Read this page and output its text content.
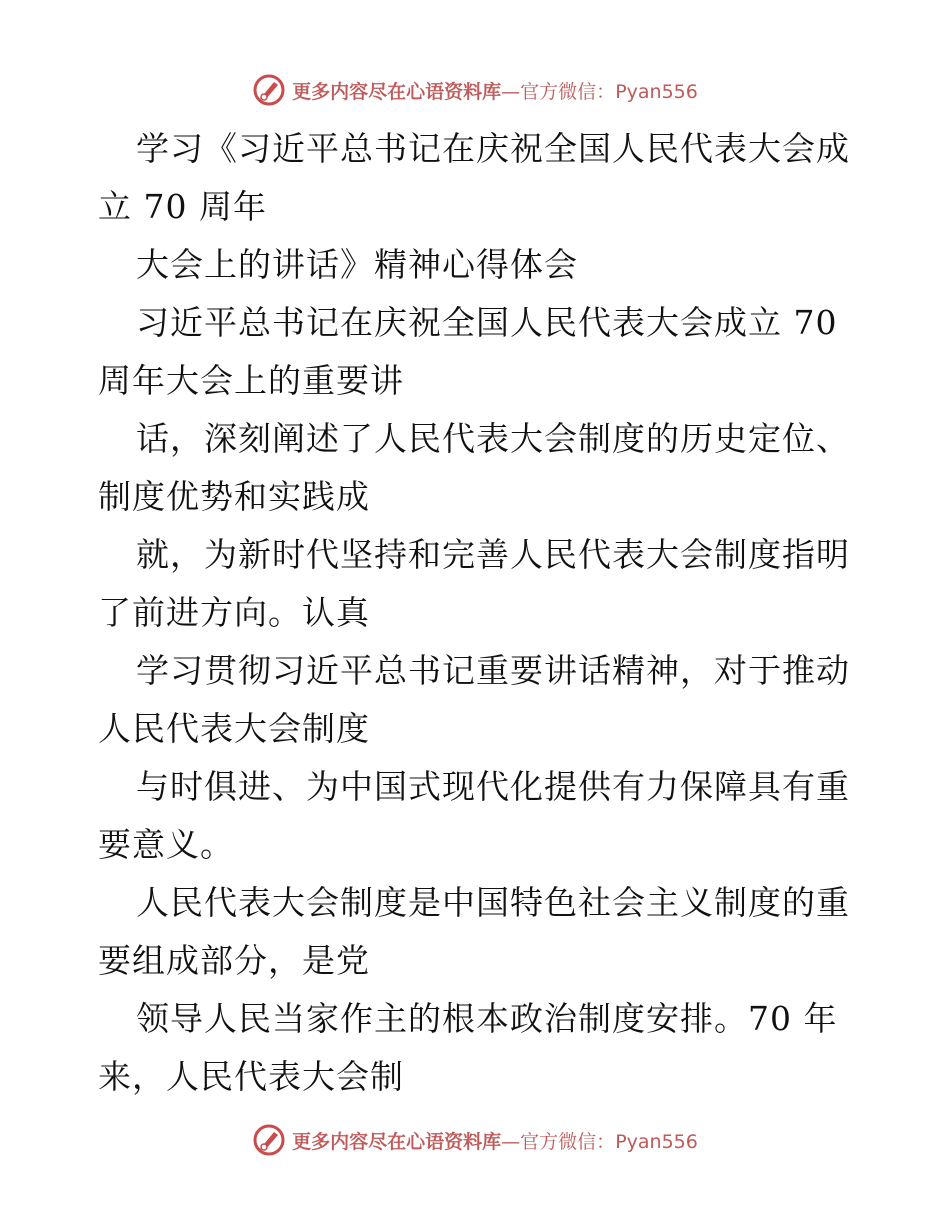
更多内容尽在心语资料库—官方微信：Pyan556
学习《习近平总书记在庆祝全国人民代表大会成
立 70 周年
大会上的讲话》精神心得体会
习近平总书记在庆祝全国人民代表大会成立 70
周年大会上的重要讲
话，深刻阐述了人民代表大会制度的历史定位、
制度优势和实践成
就，为新时代坚持和完善人民代表大会制度指明
了前进方向。认真
学习贯彻习近平总书记重要讲话精神，对于推动
人民代表大会制度
与时俱进、为中国式现代化提供有力保障具有重
要意义。
人民代表大会制度是中国特色社会主义制度的重
要组成部分，是党
领导人民当家作主的根本政治制度安排。70 年
来，人民代表大会制
更多内容尽在心语资料库—官方微信：Pyan556
